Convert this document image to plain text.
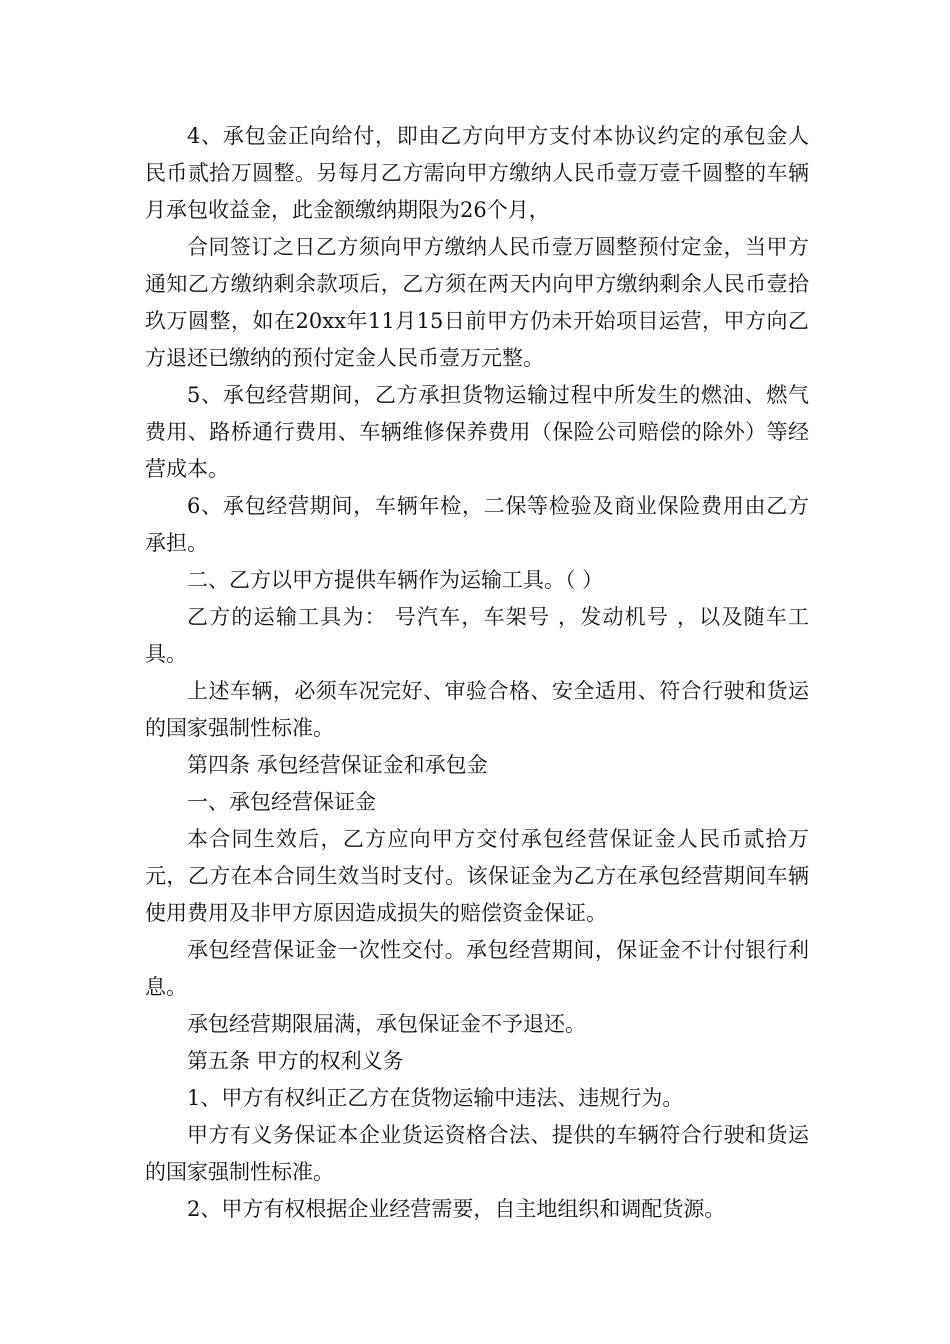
4、承包金正向给付，即由乙方向甲方支付本协议约定的承包金人民币贰拾万圆整。另每月乙方需向甲方缴纳人民币壹万壹千圆整的车辆月承包收益金，此金额缴纳期限为26个月，

合同签订之日乙方须向甲方缴纳人民币壹万圆整预付定金，当甲方通知乙方缴纳剩余款项后，乙方须在两天内向甲方缴纳剩余人民币壹拾玖万圆整，如在20xx年11月15日前甲方仍未开始项目运营，甲方向乙方退还已缴纳的预付定金人民币壹万元整。

5、承包经营期间，乙方承担货物运输过程中所发生的燃油、燃气费用、路桥通行费用、车辆维修保养费用（保险公司赔偿的除外）等经营成本。

6、承包经营期间，车辆年检，二保等检验及商业保险费用由乙方承担。

二、乙方以甲方提供车辆作为运输工具。（ ）

乙方的运输工具为： 号汽车，车架号 ，发动机号 ，以及随车工具。

上述车辆，必须车况完好、审验合格、安全适用、符合行驶和货运的国家强制性标准。

第四条 承包经营保证金和承包金

一、承包经营保证金

本合同生效后，乙方应向甲方交付承包经营保证金人民币贰拾万元，乙方在本合同生效当时支付。该保证金为乙方在承包经营期间车辆使用费用及非甲方原因造成损失的赔偿资金保证。

承包经营保证金一次性交付。承包经营期间，保证金不计付银行利息。

承包经营期限届满，承包保证金不予退还。

第五条 甲方的权利义务

1、甲方有权纠正乙方在货物运输中违法、违规行为。

甲方有义务保证本企业货运资格合法、提供的车辆符合行驶和货运的国家强制性标准。

2、甲方有权根据企业经营需要，自主地组织和调配货源。
